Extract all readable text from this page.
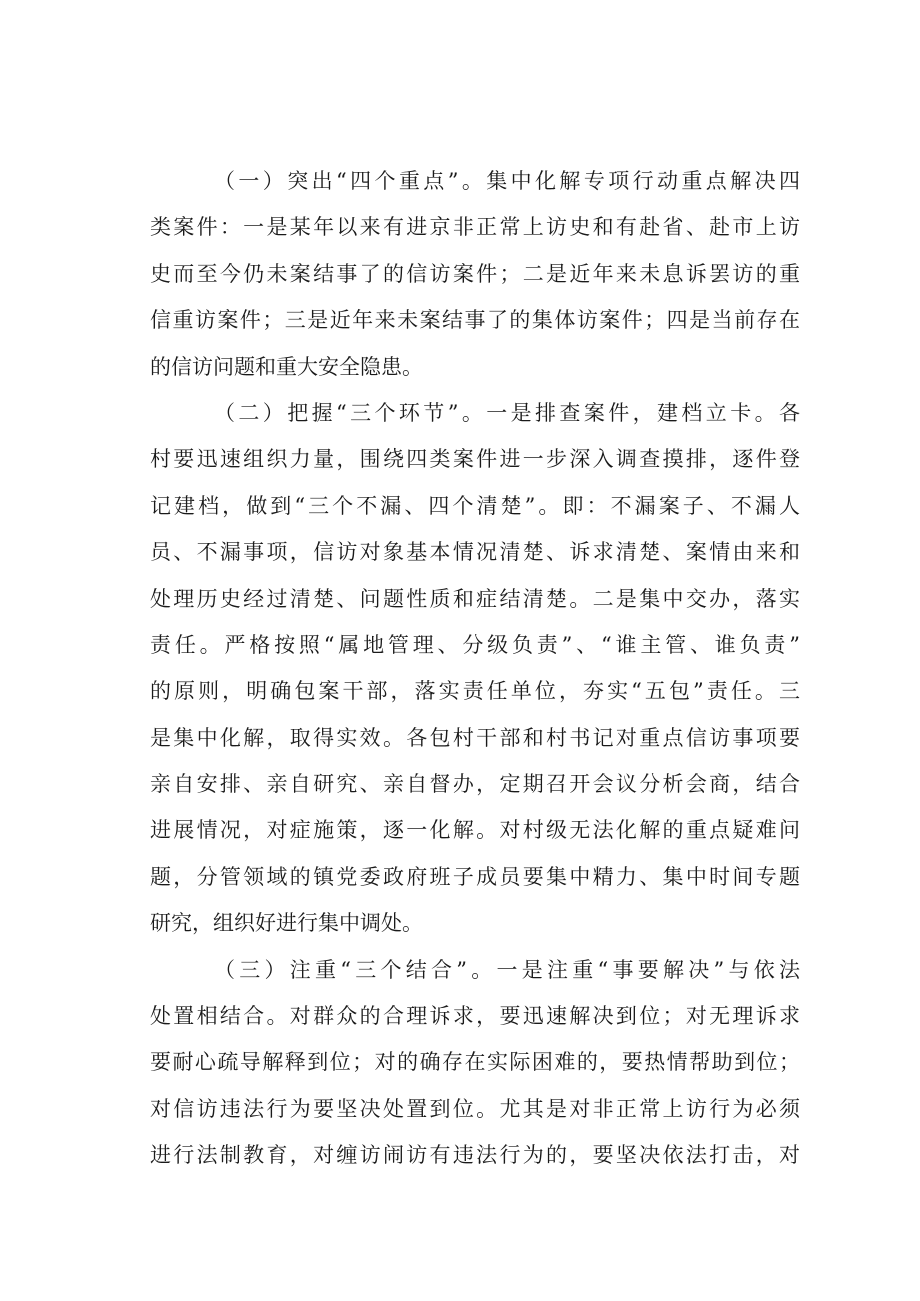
（一）突出“四个重点”。集中化解专项行动重点解决四
类案件：一是某年以来有进京非正常上访史和有赴省、赴市上访
史而至今仍未案结事了的信访案件；二是近年来未息诉罢访的重
信重访案件；三是近年来未案结事了的集体访案件；四是当前存在
的信访问题和重大安全隐患。
（二）把握“三个环节”。一是排查案件，建档立卡。各
村要迅速组织力量，围绕四类案件进一步深入调查摸排，逐件登
记建档，做到“三个不漏、四个清楚”。即：不漏案子、不漏人
员、不漏事项，信访对象基本情况清楚、诉求清楚、案情由来和
处理历史经过清楚、问题性质和症结清楚。二是集中交办，落实
责任。严格按照“属地管理、分级负责”、“谁主管、谁负责”
的原则，明确包案干部，落实责任单位，夯实“五包”责任。三
是集中化解，取得实效。各包村干部和村书记对重点信访事项要
亲自安排、亲自研究、亲自督办，定期召开会议分析会商，结合
进展情况，对症施策，逐一化解。对村级无法化解的重点疑难问
题，分管领域的镇党委政府班子成员要集中精力、集中时间专题
研究，组织好进行集中调处。
（三）注重“三个结合”。一是注重“事要解决”与依法
处置相结合。对群众的合理诉求，要迅速解决到位；对无理诉求
要耐心疏导解释到位；对的确存在实际困难的，要热情帮助到位；
对信访违法行为要坚决处置到位。尤其是对非正常上访行为必须
进行法制教育，对缠访闹访有违法行为的，要坚决依法打击，对
